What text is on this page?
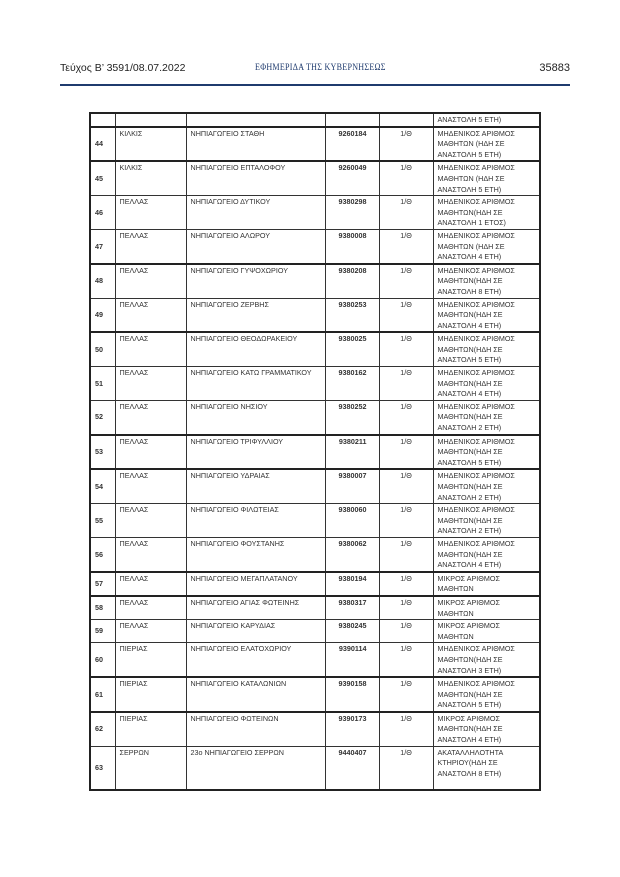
Τεύχος Β’ 3591/08.07.2022	ΕΦΗΜΕΡΙΔΑ ΤΗΣ ΚΥΒΕΡΝΗΣΕΩΣ	35883
					ΑΝΑΣΤΟΛΗ 5 ΕΤΗ)
44	ΚΙΛΚΙΣ	ΝΗΠΙΑΓΩΓΕΙΟ ΣΤΑΘΗ	9260184	1/Θ	ΜΗΔΕΝΙΚΟΣ ΑΡΙΘΜΟΣ ΜΑΘΗΤΩΝ (ΗΔΗ ΣΕ ΑΝΑΣΤΟΛΗ 5 ΕΤΗ)
45	ΚΙΛΚΙΣ	ΝΗΠΙΑΓΩΓΕΙΟ ΕΠΤΑΛΟΦΟΥ	9260049	1/Θ	ΜΗΔΕΝΙΚΟΣ ΑΡΙΘΜΟΣ ΜΑΘΗΤΩΝ (ΗΔΗ ΣΕ ΑΝΑΣΤΟΛΗ 5 ΕΤΗ)
46	ΠΕΛΛΑΣ	ΝΗΠΙΑΓΩΓΕΙΟ ΔΥΤΙΚΟΥ	9380298	1/Θ	ΜΗΔΕΝΙΚΟΣ ΑΡΙΘΜΟΣ ΜΑΘΗΤΩΝ(ΗΔΗ ΣΕ ΑΝΑΣΤΟΛΗ 1 ΕΤΟΣ)
47	ΠΕΛΛΑΣ	ΝΗΠΙΑΓΩΓΕΙΟ ΑΛΩΡΟΥ	9380008	1/Θ	ΜΗΔΕΝΙΚΟΣ ΑΡΙΘΜΟΣ ΜΑΘΗΤΩΝ (ΗΔΗ ΣΕ ΑΝΑΣΤΟΛΗ 4 ΕΤΗ)
48	ΠΕΛΛΑΣ	ΝΗΠΙΑΓΩΓΕΙΟ ΓΥΨΟΧΩΡΙΟΥ	9380208	1/Θ	ΜΗΔΕΝΙΚΟΣ ΑΡΙΘΜΟΣ ΜΑΘΗΤΩΝ(ΗΔΗ ΣΕ ΑΝΑΣΤΟΛΗ 8 ΕΤΗ)
49	ΠΕΛΛΑΣ	ΝΗΠΙΑΓΩΓΕΙΟ ΖΕΡΒΗΣ	9380253	1/Θ	ΜΗΔΕΝΙΚΟΣ ΑΡΙΘΜΟΣ ΜΑΘΗΤΩΝ(ΗΔΗ ΣΕ ΑΝΑΣΤΟΛΗ 4 ΕΤΗ)
50	ΠΕΛΛΑΣ	ΝΗΠΙΑΓΩΓΕΙΟ ΘΕΟΔΩΡΑΚΕΙΟΥ	9380025	1/Θ	ΜΗΔΕΝΙΚΟΣ ΑΡΙΘΜΟΣ ΜΑΘΗΤΩΝ(ΗΔΗ ΣΕ ΑΝΑΣΤΟΛΗ 5 ΕΤΗ)
51	ΠΕΛΛΑΣ	ΝΗΠΙΑΓΩΓΕΙΟ ΚΑΤΩ ΓΡΑΜΜΑΤΙΚΟΥ	9380162	1/Θ	ΜΗΔΕΝΙΚΟΣ ΑΡΙΘΜΟΣ ΜΑΘΗΤΩΝ(ΗΔΗ ΣΕ ΑΝΑΣΤΟΛΗ 4 ΕΤΗ)
52	ΠΕΛΛΑΣ	ΝΗΠΙΑΓΩΓΕΙΟ ΝΗΣΙΟΥ	9380252	1/Θ	ΜΗΔΕΝΙΚΟΣ ΑΡΙΘΜΟΣ ΜΑΘΗΤΩΝ(ΗΔΗ ΣΕ ΑΝΑΣΤΟΛΗ 2 ΕΤΗ)
53	ΠΕΛΛΑΣ	ΝΗΠΙΑΓΩΓΕΙΟ ΤΡΙΦΥΛΛΙΟΥ	9380211	1/Θ	ΜΗΔΕΝΙΚΟΣ ΑΡΙΘΜΟΣ ΜΑΘΗΤΩΝ(ΗΔΗ ΣΕ ΑΝΑΣΤΟΛΗ 5 ΕΤΗ)
54	ΠΕΛΛΑΣ	ΝΗΠΙΑΓΩΓΕΙΟ ΥΔΡΑΙΑΣ	9380007	1/Θ	ΜΗΔΕΝΙΚΟΣ ΑΡΙΘΜΟΣ ΜΑΘΗΤΩΝ(ΗΔΗ ΣΕ ΑΝΑΣΤΟΛΗ 2 ΕΤΗ)
55	ΠΕΛΛΑΣ	ΝΗΠΙΑΓΩΓΕΙΟ ΦΙΛΩΤΕΙΑΣ	9380060	1/Θ	ΜΗΔΕΝΙΚΟΣ ΑΡΙΘΜΟΣ ΜΑΘΗΤΩΝ(ΗΔΗ ΣΕ ΑΝΑΣΤΟΛΗ 2 ΕΤΗ)
56	ΠΕΛΛΑΣ	ΝΗΠΙΑΓΩΓΕΙΟ ΦΟΥΣΤΑΝΗΣ	9380062	1/Θ	ΜΗΔΕΝΙΚΟΣ ΑΡΙΘΜΟΣ ΜΑΘΗΤΩΝ(ΗΔΗ ΣΕ ΑΝΑΣΤΟΛΗ 4 ΕΤΗ)
57	ΠΕΛΛΑΣ	ΝΗΠΙΑΓΩΓΕΙΟ ΜΕΓΑΠΛΑΤΑΝΟΥ	9380194	1/Θ	ΜΙΚΡΟΣ ΑΡΙΘΜΟΣ ΜΑΘΗΤΩΝ
58	ΠΕΛΛΑΣ	ΝΗΠΙΑΓΩΓΕΙΟ ΑΓΙΑΣ ΦΩΤΕΙΝΗΣ	9380317	1/Θ	ΜΙΚΡΟΣ ΑΡΙΘΜΟΣ ΜΑΘΗΤΩΝ
59	ΠΕΛΛΑΣ	ΝΗΠΙΑΓΩΓΕΙΟ ΚΑΡΥΔΙΑΣ	9380245	1/Θ	ΜΙΚΡΟΣ ΑΡΙΘΜΟΣ ΜΑΘΗΤΩΝ
60	ΠΙΕΡΙΑΣ	ΝΗΠΙΑΓΩΓΕΙΟ ΕΛΑΤΟΧΩΡΙΟΥ	9390114	1/Θ	ΜΗΔΕΝΙΚΟΣ ΑΡΙΘΜΟΣ ΜΑΘΗΤΩΝ(ΗΔΗ ΣΕ ΑΝΑΣΤΟΛΗ 3 ΕΤΗ)
61	ΠΙΕΡΙΑΣ	ΝΗΠΙΑΓΩΓΕΙΟ ΚΑΤΑΛΩΝΙΩΝ	9390158	1/Θ	ΜΗΔΕΝΙΚΟΣ ΑΡΙΘΜΟΣ ΜΑΘΗΤΩΝ(ΗΔΗ ΣΕ ΑΝΑΣΤΟΛΗ 5 ΕΤΗ)
62	ΠΙΕΡΙΑΣ	ΝΗΠΙΑΓΩΓΕΙΟ ΦΩΤΕΙΝΩΝ	9390173	1/Θ	ΜΙΚΡΟΣ ΑΡΙΘΜΟΣ ΜΑΘΗΤΩΝ(ΗΔΗ ΣΕ ΑΝΑΣΤΟΛΗ 4 ΕΤΗ)
63	ΣΕΡΡΩΝ	23ο ΝΗΠΙΑΓΩΓΕΙΟ ΣΕΡΡΩΝ	9440407	1/Θ	ΑΚΑΤΑΛΛΗΛΟΤΗΤΑ ΚΤΗΡΙΟΥ(ΗΔΗ ΣΕ ΑΝΑΣΤΟΛΗ 8 ΕΤΗ)
